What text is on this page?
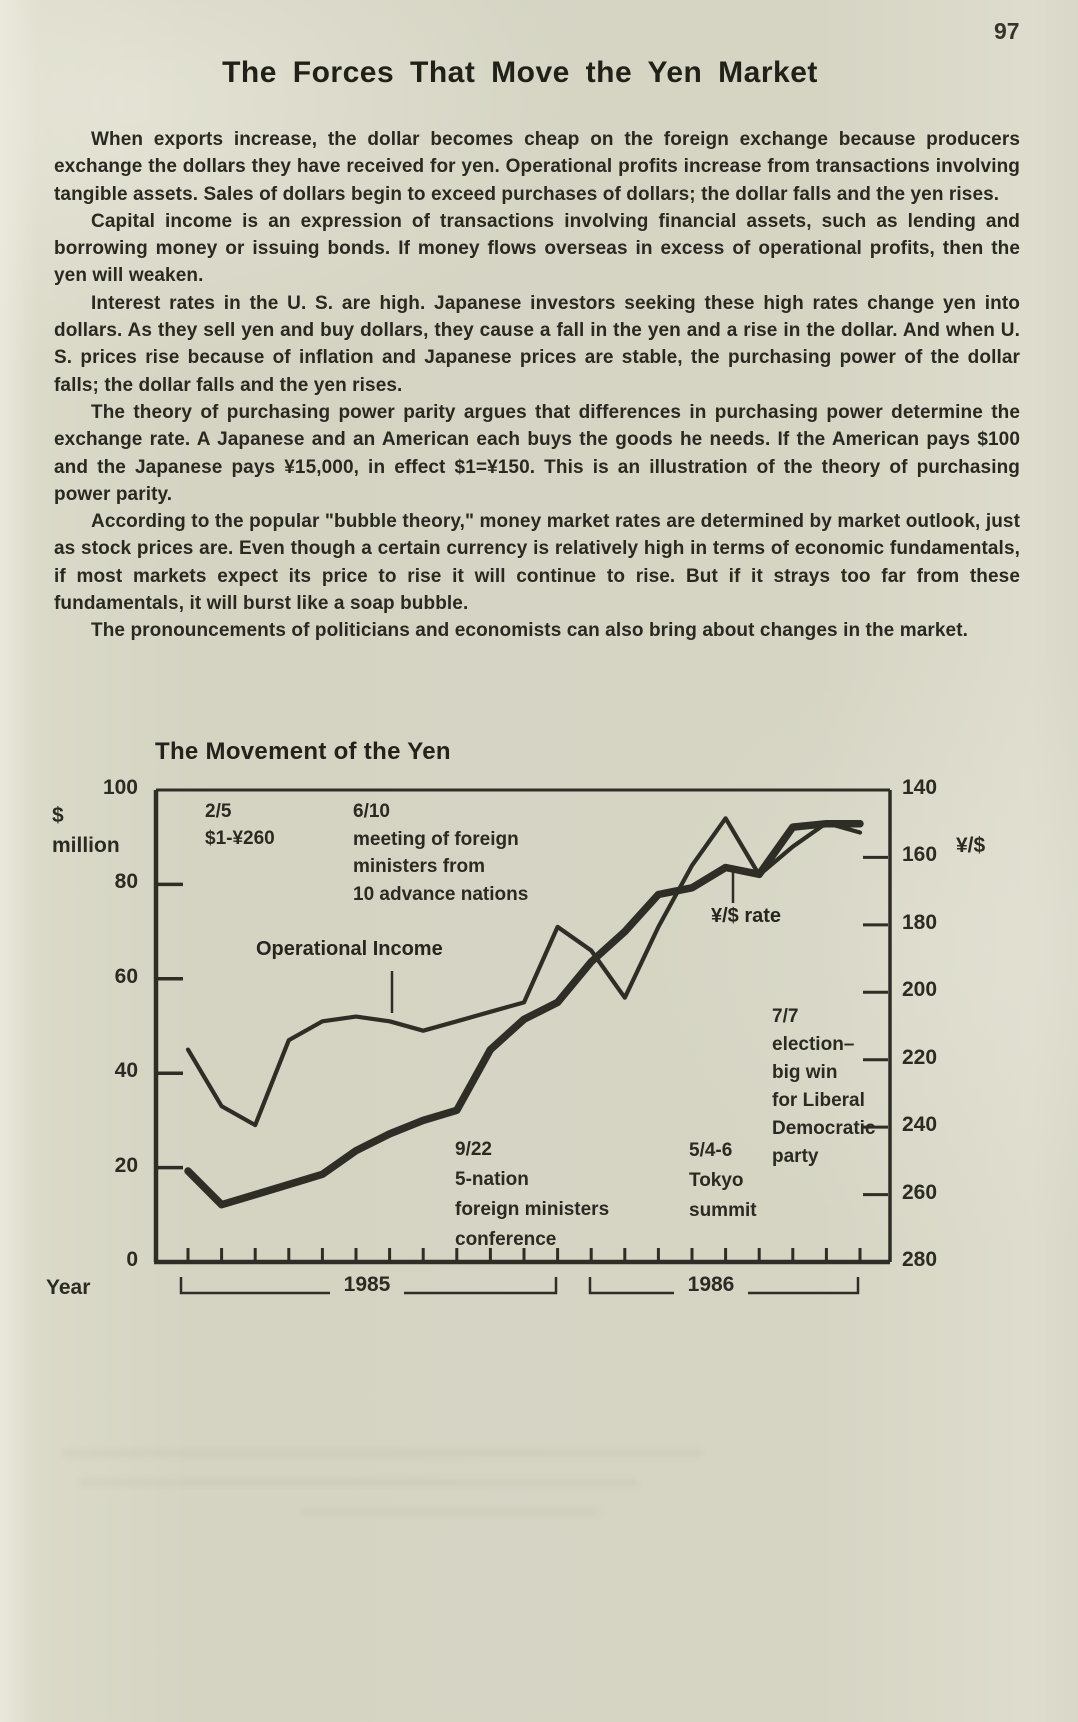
97
The Forces That Move the Yen Market

When exports increase, the dollar becomes cheap on the foreign exchange because producers exchange the dollars they have received for yen. Operational profits increase from transactions involving tangible assets. Sales of dollars begin to exceed purchases of dollars; the dollar falls and the yen rises.

Capital income is an expression of transactions involving financial assets, such as lending and borrowing money or issuing bonds. If money flows overseas in excess of operational profits, then the yen will weaken.

Interest rates in the U. S. are high. Japanese investors seeking these high rates change yen into dollars. As they sell yen and buy dollars, they cause a fall in the yen and a rise in the dollar. And when U. S. prices rise because of inflation and Japanese prices are stable, the purchasing power of the dollar falls; the dollar falls and the yen rises.

The theory of purchasing power parity argues that differences in purchasing power determine the exchange rate. A Japanese and an American each buys the goods he needs. If the American pays $100 and the Japanese pays ¥15,000, in effect $1=¥150. This is an illustration of the theory of purchasing power parity.

According to the popular "bubble theory," money market rates are determined by market outlook, just as stock prices are. Even though a certain currency is relatively high in terms of economic fundamentals, if most markets expect its price to rise it will continue to rise. But if it strays too far from these fundamentals, it will burst like a soap bubble.

The pronouncements of politicians and economists can also bring about changes in the market.

The Movement of the Yen
100
80
60
40
20
0
140
160
180
200
220
240
260
280
$
million	¥/$
Year	1985	1986
Operational Income
¥/$ rate
2/5
$1-¥260
6/10
meeting of foreign
ministers from
10 advance nations
9/22
5-nation
foreign ministers
conference
5/4-6
Tokyo
summit
7/7
election–
big win
for Liberal
Democratic
party
